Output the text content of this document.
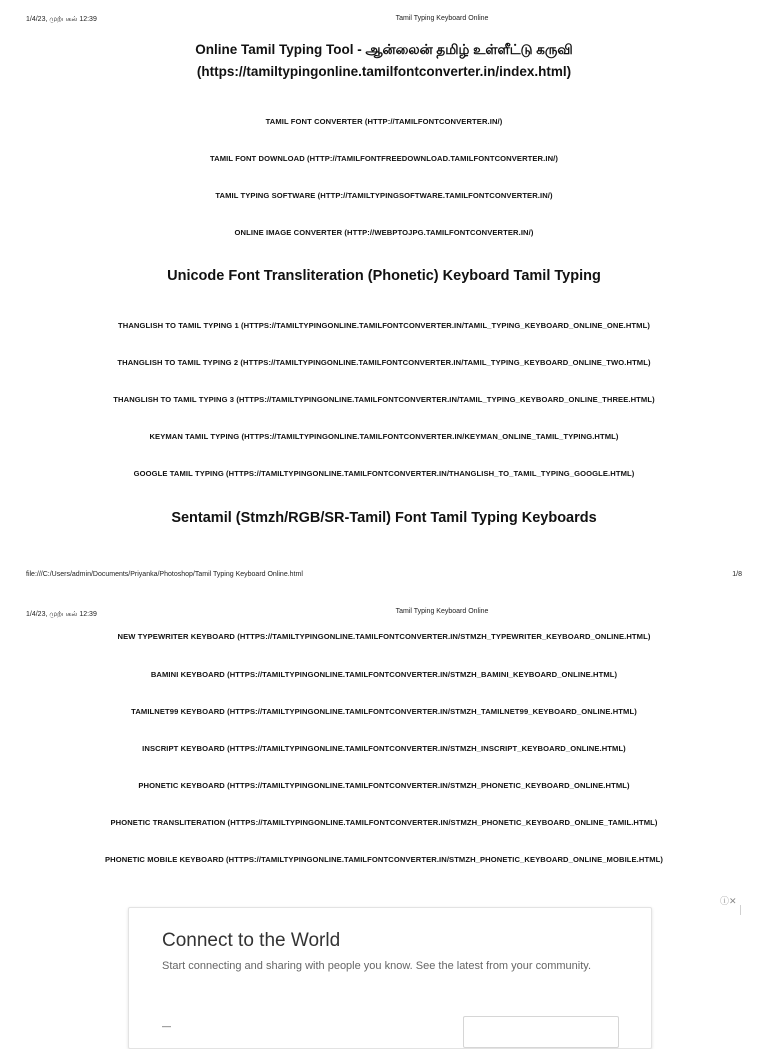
1/4/23, முற்பகல் 12:39	Tamil Typing Keyboard Online
Online Tamil Typing Tool - ஆன்லைன் தமிழ் உள்ளீட்டு கருவி
(https://tamiltypingonline.tamilfontconverter.in/index.html)
TAMIL FONT CONVERTER (HTTP://TAMILFONTCONVERTER.IN/)
TAMIL FONT DOWNLOAD (HTTP://TAMILFONTFREEDOWNLOAD.TAMILFONTCONVERTER.IN/)
TAMIL TYPING SOFTWARE (HTTP://TAMILTYPINGSOFTWARE.TAMILFONTCONVERTER.IN/)
ONLINE IMAGE CONVERTER (HTTP://WEBPTOJPG.TAMILFONTCONVERTER.IN/)
Unicode Font Transliteration (Phonetic) Keyboard Tamil Typing
THANGLISH TO TAMIL TYPING 1 (HTTPS://TAMILTYPINGONLINE.TAMILFONTCONVERTER.IN/TAMIL_TYPING_KEYBOARD_ONLINE_ONE.HTML)
THANGLISH TO TAMIL TYPING 2 (HTTPS://TAMILTYPINGONLINE.TAMILFONTCONVERTER.IN/TAMIL_TYPING_KEYBOARD_ONLINE_TWO.HTML)
THANGLISH TO TAMIL TYPING 3 (HTTPS://TAMILTYPINGONLINE.TAMILFONTCONVERTER.IN/TAMIL_TYPING_KEYBOARD_ONLINE_THREE.HTML)
KEYMAN TAMIL TYPING (HTTPS://TAMILTYPINGONLINE.TAMILFONTCONVERTER.IN/KEYMAN_ONLINE_TAMIL_TYPING.HTML)
GOOGLE TAMIL TYPING (HTTPS://TAMILTYPINGONLINE.TAMILFONTCONVERTER.IN/THANGLISH_TO_TAMIL_TYPING_GOOGLE.HTML)
Sentamil (Stmzh/RGB/SR-Tamil) Font Tamil Typing Keyboards
file:///C:/Users/admin/Documents/Priyanka/Photoshop/Tamil Typing Keyboard Online.html	1/8
1/4/23, முற்பகல் 12:39	Tamil Typing Keyboard Online
NEW TYPEWRITER KEYBOARD (HTTPS://TAMILTYPINGONLINE.TAMILFONTCONVERTER.IN/STMZH_TYPEWRITER_KEYBOARD_ONLINE.HTML)
BAMINI KEYBOARD (HTTPS://TAMILTYPINGONLINE.TAMILFONTCONVERTER.IN/STMZH_BAMINI_KEYBOARD_ONLINE.HTML)
TAMILNET99 KEYBOARD (HTTPS://TAMILTYPINGONLINE.TAMILFONTCONVERTER.IN/STMZH_TAMILNET99_KEYBOARD_ONLINE.HTML)
INSCRIPT KEYBOARD (HTTPS://TAMILTYPINGONLINE.TAMILFONTCONVERTER.IN/STMZH_INSCRIPT_KEYBOARD_ONLINE.HTML)
PHONETIC KEYBOARD (HTTPS://TAMILTYPINGONLINE.TAMILFONTCONVERTER.IN/STMZH_PHONETIC_KEYBOARD_ONLINE.HTML)
PHONETIC TRANSLITERATION (HTTPS://TAMILTYPINGONLINE.TAMILFONTCONVERTER.IN/STMZH_PHONETIC_KEYBOARD_ONLINE_TAMIL.HTML)
PHONETIC MOBILE KEYBOARD (HTTPS://TAMILTYPINGONLINE.TAMILFONTCONVERTER.IN/STMZH_PHONETIC_KEYBOARD_ONLINE_MOBILE.HTML)
ⓘ✕
Connect to the World
Start connecting and sharing with people you know. See the latest from your community.
—
